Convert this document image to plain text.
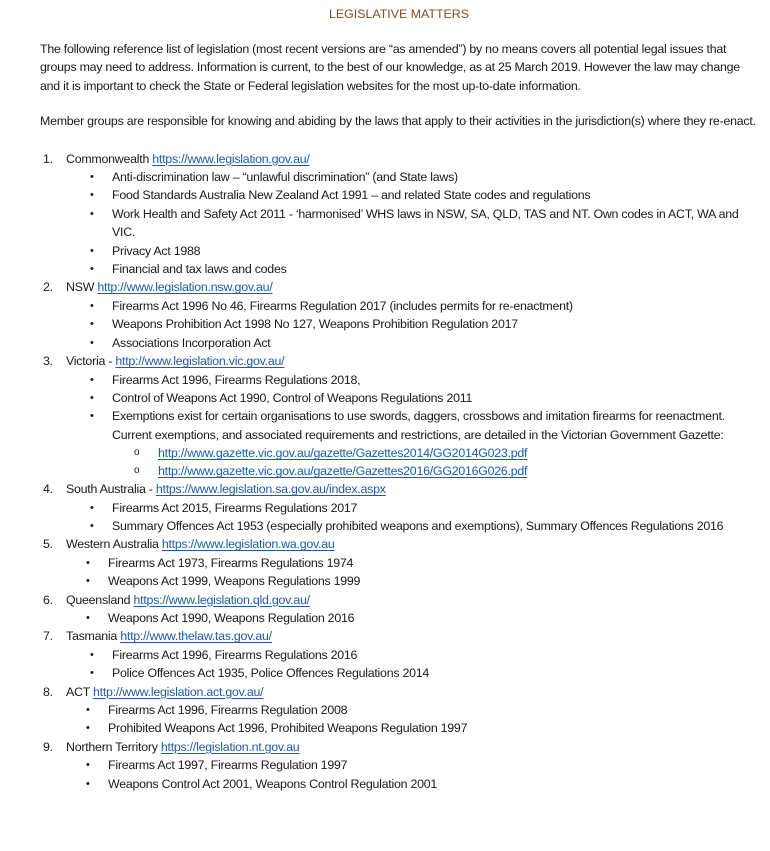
LEGISLATIVE MATTERS

The following reference list of legislation (most recent versions are “as amended”) by no means covers all potential legal issues that groups may need to address. Information is current, to the best of our knowledge, as at 25 March 2019. However the law may change and it is important to check the State or Federal legislation websites for the most up-to-date information.

Member groups are responsible for knowing and abiding by the laws that apply to their activities in the jurisdiction(s) where they re-enact.

1. Commonwealth https://www.legislation.gov.au/
• Anti-discrimination law – “unlawful discrimination” (and State laws)
• Food Standards Australia New Zealand Act 1991 – and related State codes and regulations
• Work Health and Safety Act 2011 - ‘harmonised’ WHS laws in NSW, SA, QLD, TAS and NT. Own codes in ACT, WA and VIC.
• Privacy Act 1988
• Financial and tax laws and codes
2. NSW http://www.legislation.nsw.gov.au/
• Firearms Act 1996 No 46, Firearms Regulation 2017 (includes permits for re-enactment)
• Weapons Prohibition Act 1998 No 127, Weapons Prohibition Regulation 2017
• Associations Incorporation Act
3. Victoria - http://www.legislation.vic.gov.au/
• Firearms Act 1996, Firearms Regulations 2018,
• Control of Weapons Act 1990, Control of Weapons Regulations 2011
• Exemptions exist for certain organisations to use swords, daggers, crossbows and imitation firearms for reenactment. Current exemptions, and associated requirements and restrictions, are detailed in the Victorian Government Gazette:
o http://www.gazette.vic.gov.au/gazette/Gazettes2014/GG2014G023.pdf
o http://www.gazette.vic.gov.au/gazette/Gazettes2016/GG2016G026.pdf
4. South Australia - https://www.legislation.sa.gov.au/index.aspx
• Firearms Act 2015, Firearms Regulations 2017
• Summary Offences Act 1953 (especially prohibited weapons and exemptions), Summary Offences Regulations 2016
5. Western Australia https://www.legislation.wa.gov.au
• Firearms Act 1973, Firearms Regulations 1974
• Weapons Act 1999, Weapons Regulations 1999
6. Queensland https://www.legislation.qld.gov.au/
• Weapons Act 1990, Weapons Regulation 2016
7. Tasmania http://www.thelaw.tas.gov.au/
• Firearms Act 1996, Firearms Regulations 2016
• Police Offences Act 1935, Police Offences Regulations 2014
8. ACT http://www.legislation.act.gov.au/
• Firearms Act 1996, Firearms Regulation 2008
• Prohibited Weapons Act 1996, Prohibited Weapons Regulation 1997
9. Northern Territory https://legislation.nt.gov.au
• Firearms Act 1997, Firearms Regulation 1997
• Weapons Control Act 2001, Weapons Control Regulation 2001
